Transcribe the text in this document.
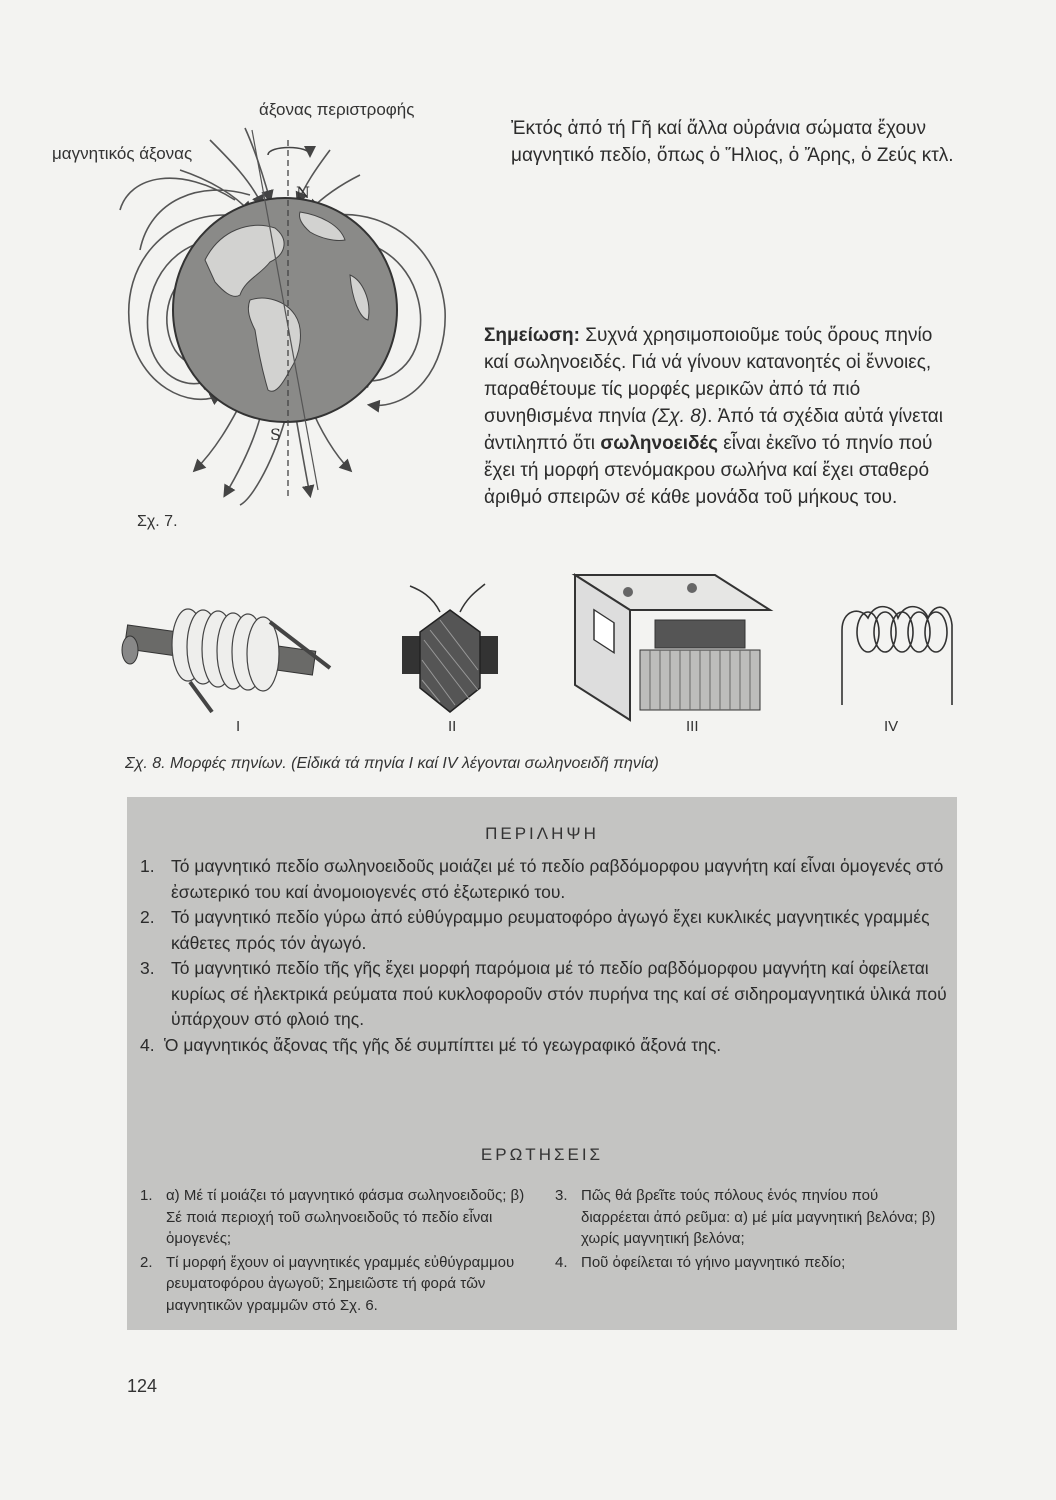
άξονας περιστροφής
μαγνητικός άξονας
N
S
Σχ. 7.
Ἐκτός ἀπό τή Γῆ καί ἄλλα οὐράνια σώματα ἔχουν μαγνητικό πεδίο, ὅπως ὁ Ἥλιος, ὁ Ἄρης, ὁ Ζεύς κτλ.
Σημείωση: Συχνά χρησιμοποιοῦμε τούς ὅρους πηνίο καί σωληνοειδές. Γιά νά γίνουν κατανοητές οἱ ἔννοιες, παραθέτουμε τίς μορφές μερικῶν ἀπό τά πιό συνηθισμένα πηνία (Σχ. 8). Ἀπό τά σχέδια αὐτά γίνεται ἀντιληπτό ὅτι σωληνοειδές εἶναι ἐκεῖνο τό πηνίο πού ἔχει τή μορφή στενόμακρου σωλήνα καί ἔχει σταθερό ἀριθμό σπειρῶν σέ κάθε μονάδα τοῦ μήκους του.
I	II	III	IV
Σχ. 8. Μορφές πηνίων. (Εἰδικά τά πηνία I καί IV λέγονται σωληνοειδῆ πηνία)
ΠΕΡΙΛΗΨΗ
1. Τό μαγνητικό πεδίο σωληνοειδοῦς μοιάζει μέ τό πεδίο ραβδόμορφου μαγνήτη καί εἶναι ὁμογενές στό ἐσωτερικό του καί ἀνομοιογενές στό ἐξωτερικό του.
2. Τό μαγνητικό πεδίο γύρω ἀπό εὐθύγραμμο ρευματοφόρο ἀγωγό ἔχει κυκλικές μαγνητικές γραμμές κάθετες πρός τόν ἀγωγό.
3. Τό μαγνητικό πεδίο τῆς γῆς ἔχει μορφή παρόμοια μέ τό πεδίο ραβδόμορφου μαγνήτη καί ὀφείλεται κυρίως σέ ἠλεκτρικά ρεύματα πού κυκλοφοροῦν στόν πυρήνα της καί σέ σιδηρομαγνητικά ὑλικά πού ὑπάρχουν στό φλοιό της.
4. Ὁ μαγνητικός ἄξονας τῆς γῆς δέ συμπίπτει μέ τό γεωγραφικό ἄξονά της.
ΕΡΩΤΗΣΕΙΣ
1. α) Μέ τί μοιάζει τό μαγνητικό φάσμα σωληνοειδοῦς; β) Σέ ποιά περιοχή τοῦ σωληνοειδοῦς τό πεδίο εἶναι ὁμογενές;
2. Τί μορφή ἔχουν οἱ μαγνητικές γραμμές εὐθύγραμμου ρευματοφόρου ἀγωγοῦ; Σημειῶστε τή φορά τῶν μαγνητικῶν γραμμῶν στό Σχ. 6.
3. Πῶς θά βρεῖτε τούς πόλους ἑνός πηνίου πού διαρρέεται ἀπό ρεῦμα: α) μέ μία μαγνητική βελόνα; β) χωρίς μαγνητική βελόνα;
4. Ποῦ ὀφείλεται τό γήινο μαγνητικό πεδίο;
124
